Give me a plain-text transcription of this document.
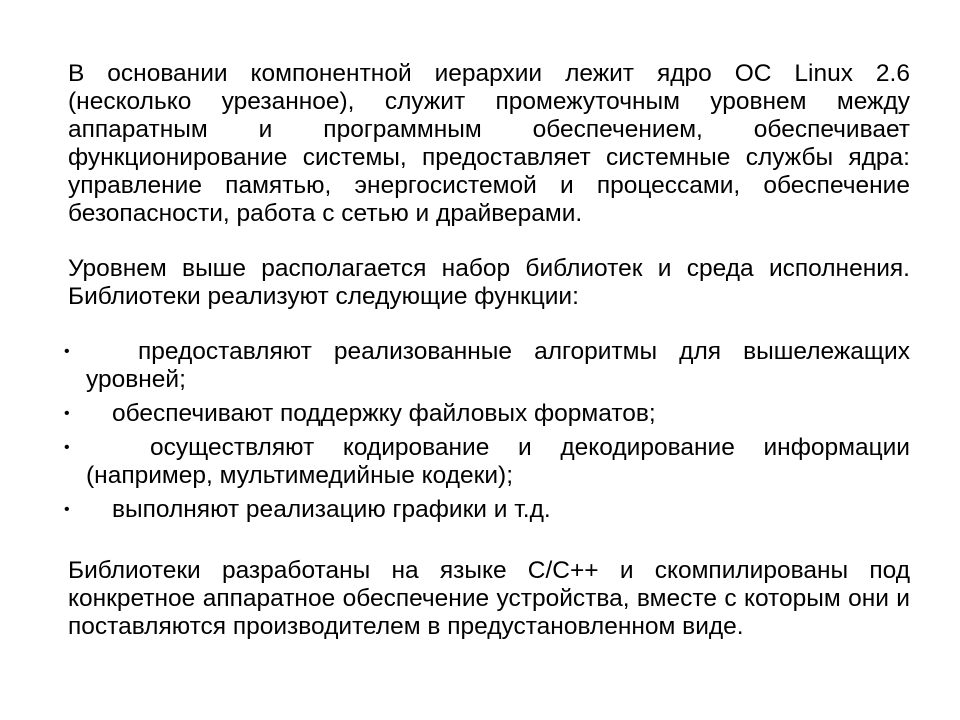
В основании компонентной иерархии лежит ядро ОС Linux 2.6 (несколько урезанное), служит промежуточным уровнем между аппаратным и программным обеспечением, обеспечивает функционирование системы, предоставляет системные службы ядра: управление памятью, энергосистемой и процессами, обеспечение безопасности, работа с сетью и драйверами.

Уровнем выше располагается набор библиотек и среда исполнения. Библиотеки реализуют следующие функции:

•	предоставляют реализованные алгоритмы для вышележащих уровней;
•	обеспечивают поддержку файловых форматов;
•	осуществляют кодирование и декодирование информации (например, мультимедийные кодеки);
•	выполняют реализацию графики и т.д.

Библиотеки разработаны на языке С/С++ и скомпилированы под конкретное аппаратное обеспечение устройства, вместе с которым они и поставляются производителем в предустановленном виде.
